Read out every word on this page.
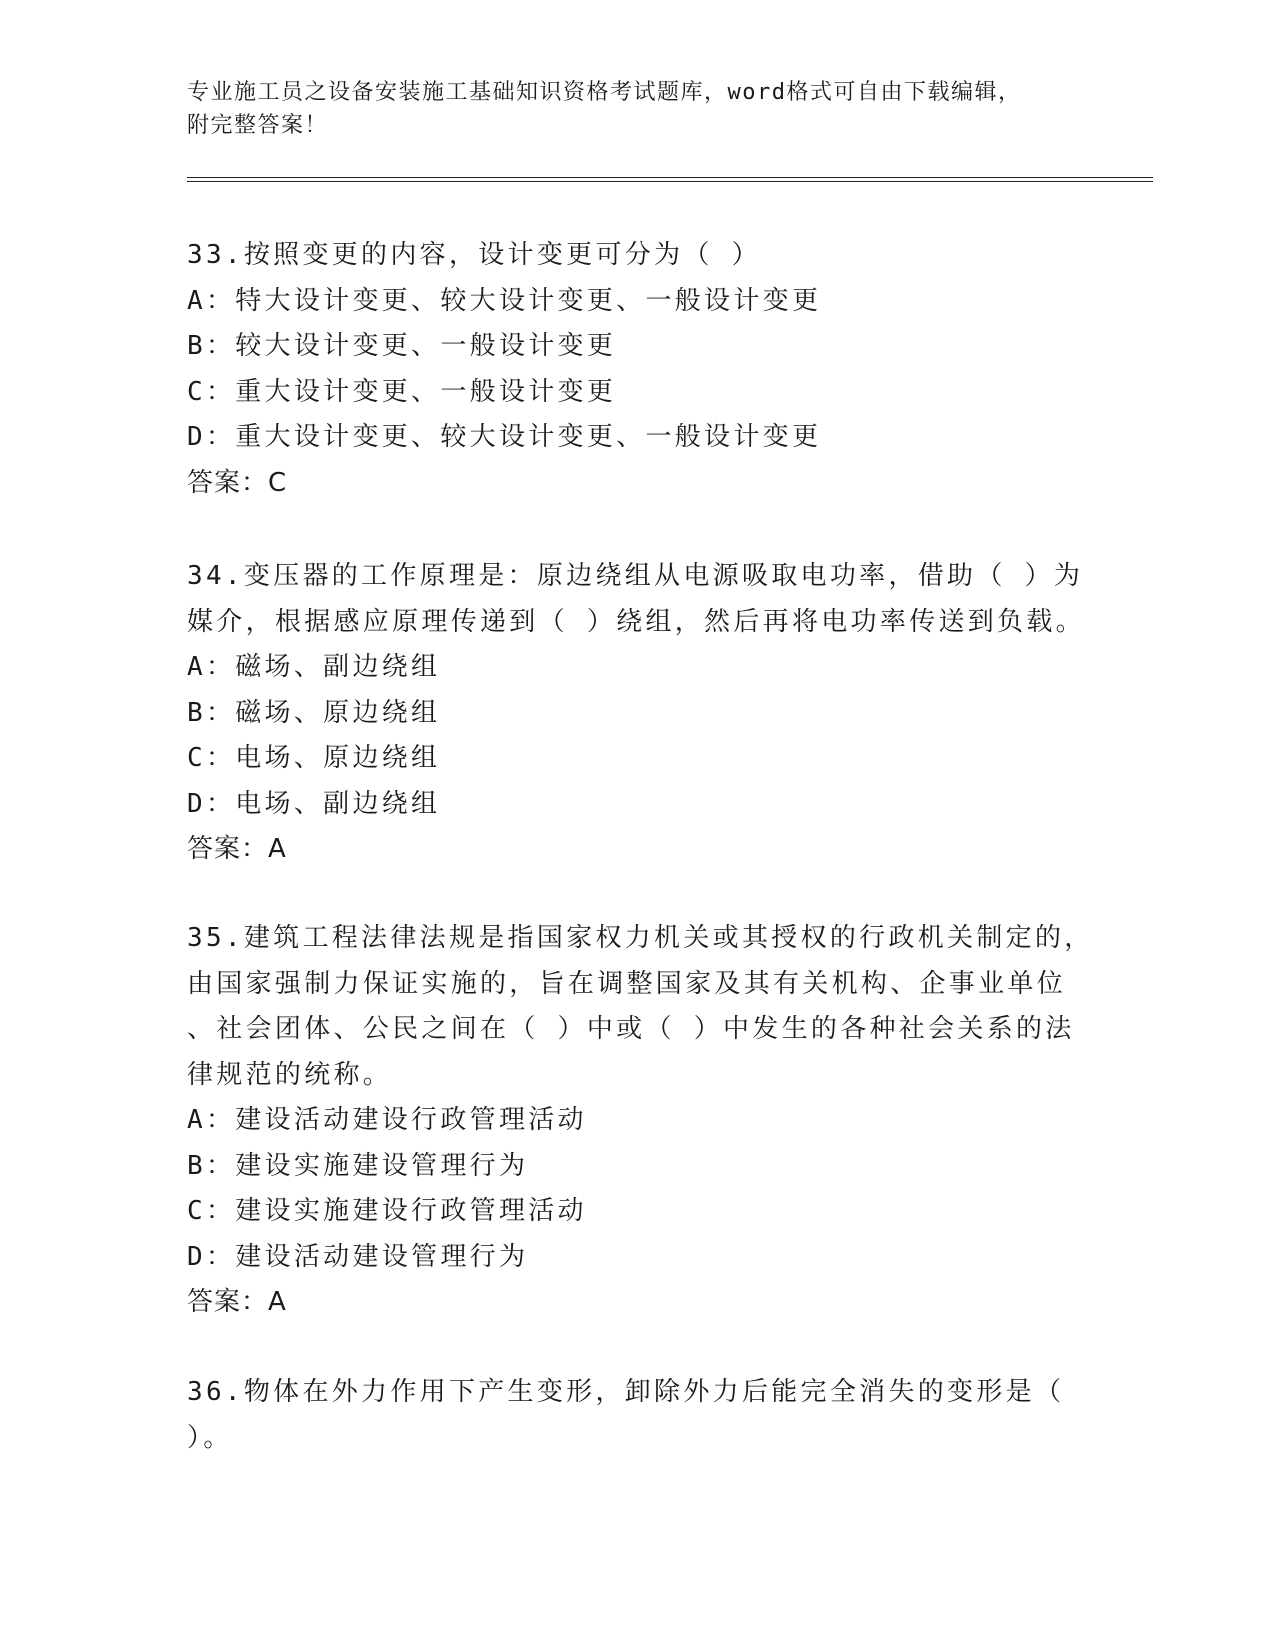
专业施工员之设备安装施工基础知识资格考试题库，word格式可自由下载编辑，
附完整答案！
33.按照变更的内容，设计变更可分为（ ）
A：特大设计变更、较大设计变更、一般设计变更
B：较大设计变更、一般设计变更
C：重大设计变更、一般设计变更
D：重大设计变更、较大设计变更、一般设计变更
答案：C
34.变压器的工作原理是：原边绕组从电源吸取电功率，借助（ ）为
媒介，根据感应原理传递到（ ）绕组，然后再将电功率传送到负载。
A：磁场、副边绕组
B：磁场、原边绕组
C：电场、原边绕组
D：电场、副边绕组
答案：A
35.建筑工程法律法规是指国家权力机关或其授权的行政机关制定的，
由国家强制力保证实施的，旨在调整国家及其有关机构、企事业单位
、社会团体、公民之间在（ ）中或（ ）中发生的各种社会关系的法
律规范的统称。
A：建设活动建设行政管理活动
B：建设实施建设管理行为
C：建设实施建设行政管理活动
D：建设活动建设管理行为
答案：A
36.物体在外力作用下产生变形，卸除外力后能完全消失的变形是（
）。
